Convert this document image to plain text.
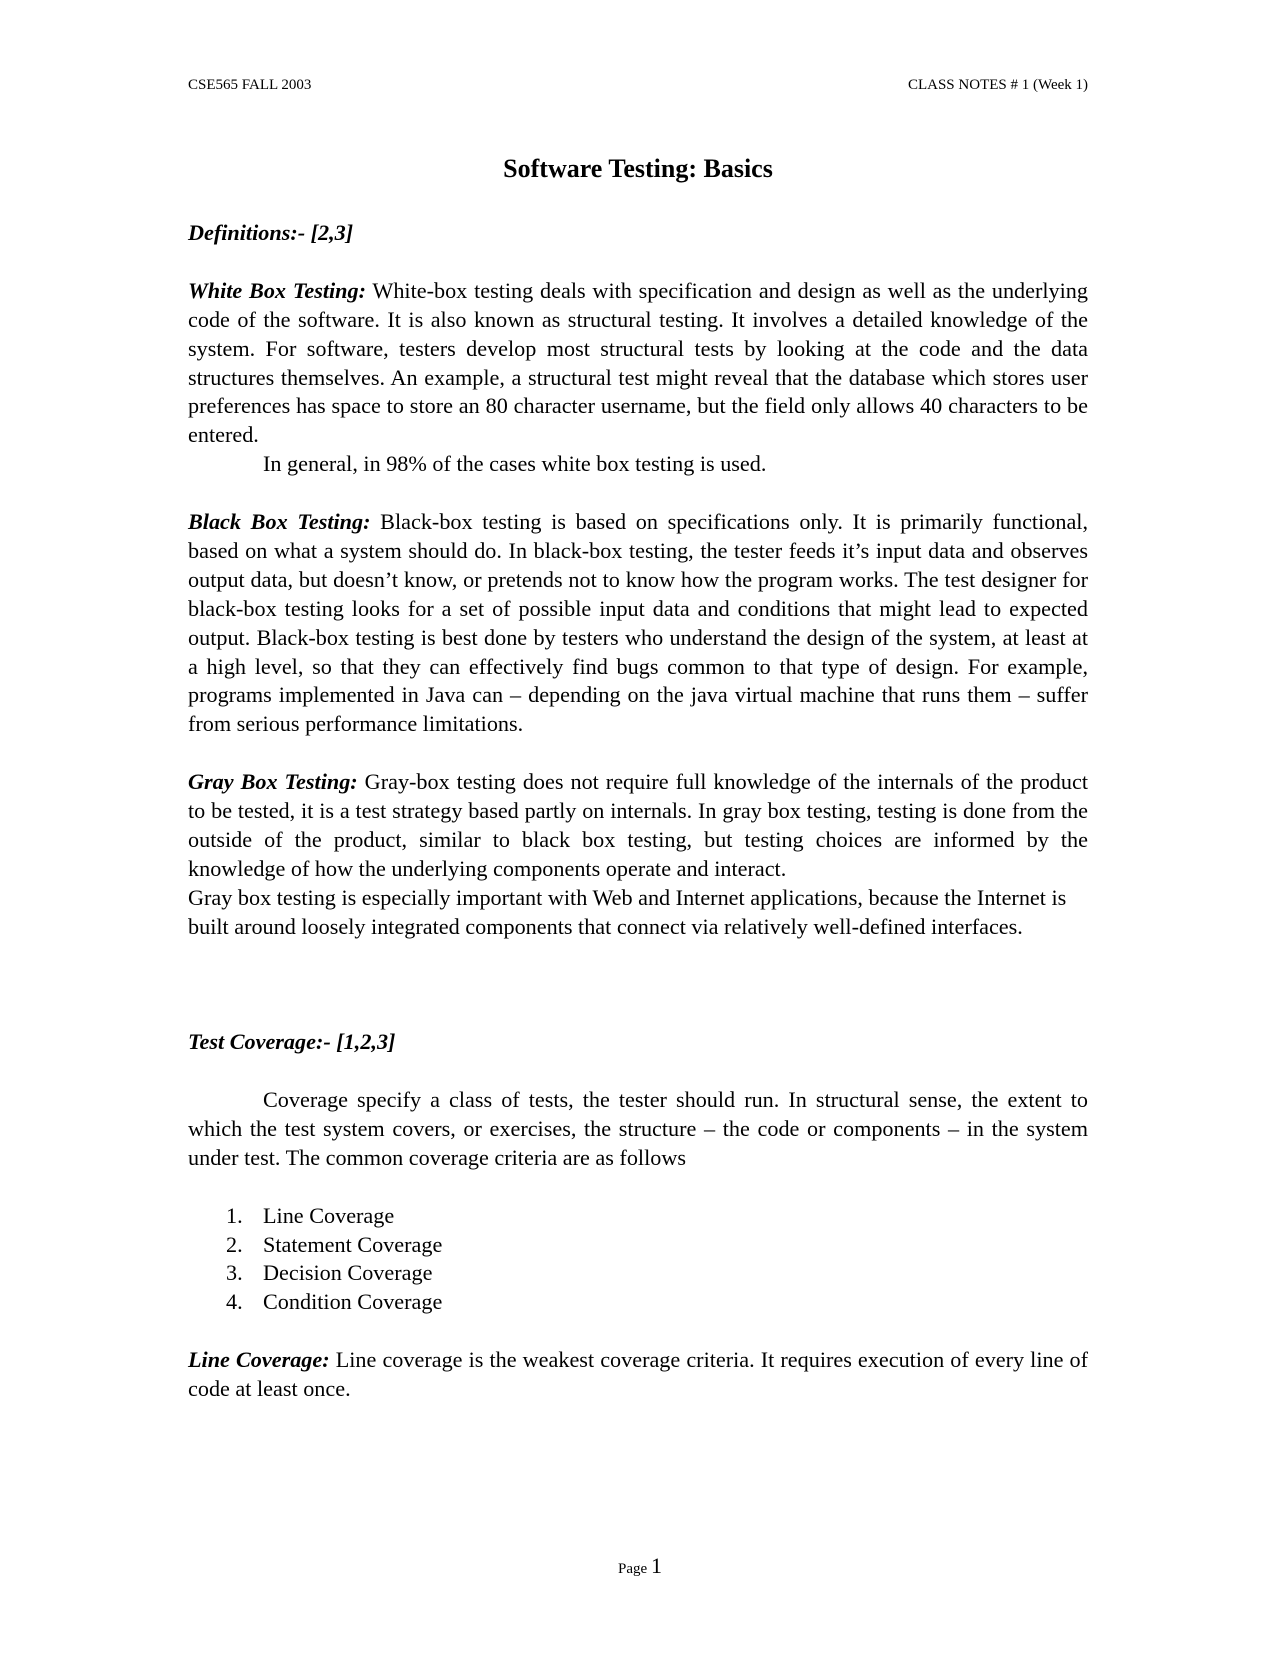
CSE565 FALL 2003	CLASS NOTES # 1 (Week 1)
Software Testing: Basics

Definitions:- [2,3]

White Box Testing: White-box testing deals with specification and design as well as the underlying code of the software. It is also known as structural testing. It involves a detailed knowledge of the system. For software, testers develop most structural tests by looking at the code and the data structures themselves. An example, a structural test might reveal that the database which stores user preferences has space to store an 80 character username, but the field only allows 40 characters to be entered.

In general, in 98% of the cases white box testing is used.

Black Box Testing: Black-box testing is based on specifications only. It is primarily functional, based on what a system should do. In black-box testing, the tester feeds it’s input data and observes output data, but doesn’t know, or pretends not to know how the program works. The test designer for black-box testing looks for a set of possible input data and conditions that might lead to expected output. Black-box testing is best done by testers who understand the design of the system, at least at a high level, so that they can effectively find bugs common to that type of design. For example, programs implemented in Java can – depending on the java virtual machine that runs them – suffer from serious performance limitations.

Gray Box Testing: Gray-box testing does not require full knowledge of the internals of the product to be tested, it is a test strategy based partly on internals. In gray box testing, testing is done from the outside of the product, similar to black box testing, but testing choices are informed by the knowledge of how the underlying components operate and interact.

Gray box testing is especially important with Web and Internet applications, because the Internet is built around loosely integrated components that connect via relatively well-defined interfaces.

Test Coverage:- [1,2,3]

Coverage specify a class of tests, the tester should run. In structural sense, the extent to which the test system covers, or exercises, the structure – the code or components – in the system under test. The common coverage criteria are as follows

1. Line Coverage
2. Statement Coverage
3. Decision Coverage
4. Condition Coverage

Line Coverage: Line coverage is the weakest coverage criteria. It requires execution of every line of code at least once.

Page 1
